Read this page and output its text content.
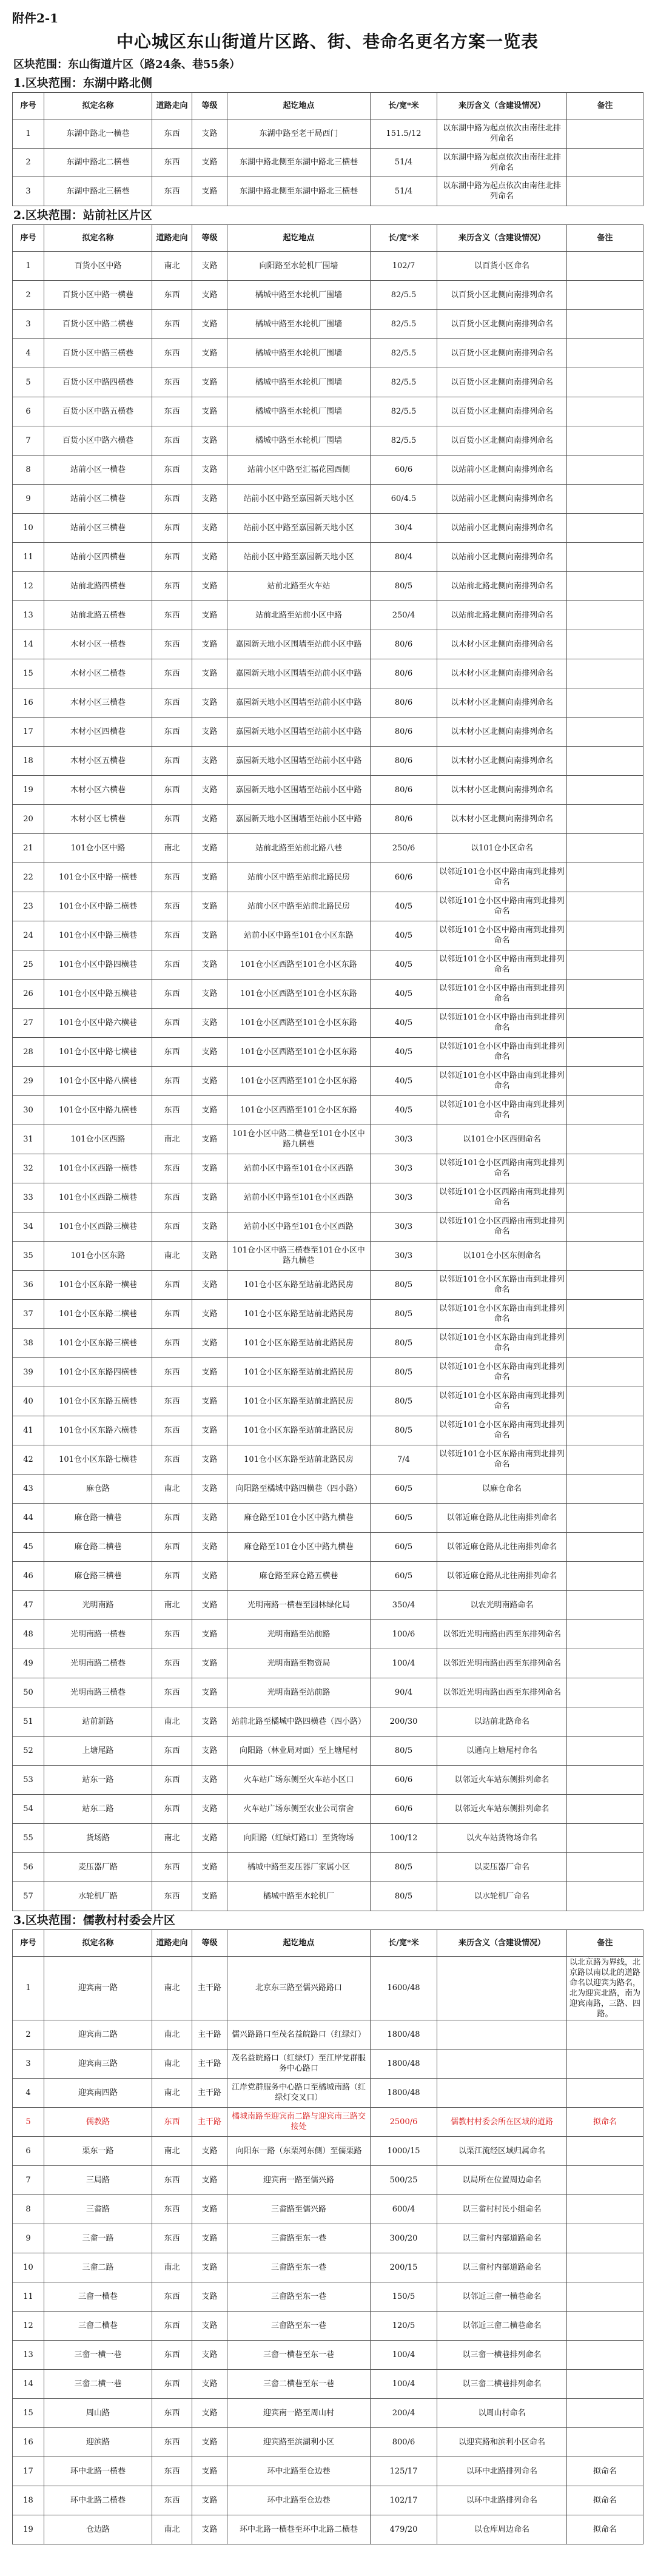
附件2-1
中心城区东山街道片区路、街、巷命名更名方案一览表
区块范围：东山街道片区（路24条、巷55条）
1.区块范围：东湖中路北侧
序号	拟定名称	道路走向	等级	起讫地点	长/宽*米	来历含义（含建设情况）	备注
1	东湖中路北一横巷	东西	支路	东湖中路至老干局西门	151.5/12	以东湖中路为起点依次由南往北排列命名	
2	东湖中路北二横巷	东西	支路	东湖中路北侧至东湖中路北三横巷	51/4	以东湖中路为起点依次由南往北排列命名	
3	东湖中路北三横巷	东西	支路	东湖中路北侧至东湖中路北三横巷	51/4	以东湖中路为起点依次由南往北排列命名	
2.区块范围：站前社区片区
序号	拟定名称	道路走向	等级	起讫地点	长/宽*米	来历含义（含建设情况）	备注
1	百货小区中路	南北	支路	向阳路至水轮机厂围墙	102/7	以百货小区命名	
2	百货小区中路一横巷	东西	支路	橘城中路至水轮机厂围墙	82/5.5	以百货小区北侧向南排列命名	
3	百货小区中路二横巷	东西	支路	橘城中路至水轮机厂围墙	82/5.5	以百货小区北侧向南排列命名	
4	百货小区中路三横巷	东西	支路	橘城中路至水轮机厂围墙	82/5.5	以百货小区北侧向南排列命名	
5	百货小区中路四横巷	东西	支路	橘城中路至水轮机厂围墙	82/5.5	以百货小区北侧向南排列命名	
6	百货小区中路五横巷	东西	支路	橘城中路至水轮机厂围墙	82/5.5	以百货小区北侧向南排列命名	
7	百货小区中路六横巷	东西	支路	橘城中路至水轮机厂围墙	82/5.5	以百货小区北侧向南排列命名	
8	站前小区一横巷	东西	支路	站前小区中路至汇福花园西侧	60/6	以站前小区北侧向南排列命名	
9	站前小区二横巷	东西	支路	站前小区中路至嘉园新天地小区	60/4.5	以站前小区北侧向南排列命名	
10	站前小区三横巷	东西	支路	站前小区中路至嘉园新天地小区	30/4	以站前小区北侧向南排列命名	
11	站前小区四横巷	东西	支路	站前小区中路至嘉园新天地小区	80/4	以站前小区北侧向南排列命名	
12	站前北路四横巷	东西	支路	站前北路至火车站	80/5	以站前北路北侧向南排列命名	
13	站前北路五横巷	东西	支路	站前北路至站前小区中路	250/4	以站前北路北侧向南排列命名	
14	木材小区一横巷	东西	支路	嘉园新天地小区围墙至站前小区中路	80/6	以木材小区北侧向南排列命名	
15	木材小区二横巷	东西	支路	嘉园新天地小区围墙至站前小区中路	80/6	以木材小区北侧向南排列命名	
16	木材小区三横巷	东西	支路	嘉园新天地小区围墙至站前小区中路	80/6	以木材小区北侧向南排列命名	
17	木材小区四横巷	东西	支路	嘉园新天地小区围墙至站前小区中路	80/6	以木材小区北侧向南排列命名	
18	木材小区五横巷	东西	支路	嘉园新天地小区围墙至站前小区中路	80/6	以木材小区北侧向南排列命名	
19	木材小区六横巷	东西	支路	嘉园新天地小区围墙至站前小区中路	80/6	以木材小区北侧向南排列命名	
20	木材小区七横巷	东西	支路	嘉园新天地小区围墙至站前小区中路	80/6	以木材小区北侧向南排列命名	
21	101仓小区中路	南北	支路	站前北路至站前北路八巷	250/6	以101仓小区命名	
22	101仓小区中路一横巷	东西	支路	站前小区中路至站前北路民房	60/6	以邻近101仓小区中路由南到北排列命名	
23	101仓小区中路二横巷	东西	支路	站前小区中路至站前北路民房	40/5	以邻近101仓小区中路由南到北排列命名	
24	101仓小区中路三横巷	东西	支路	站前小区中路至101仓小区东路	40/5	以邻近101仓小区中路由南到北排列命名	
25	101仓小区中路四横巷	东西	支路	101仓小区西路至101仓小区东路	40/5	以邻近101仓小区中路由南到北排列命名	
26	101仓小区中路五横巷	东西	支路	101仓小区西路至101仓小区东路	40/5	以邻近101仓小区中路由南到北排列命名	
27	101仓小区中路六横巷	东西	支路	101仓小区西路至101仓小区东路	40/5	以邻近101仓小区中路由南到北排列命名	
28	101仓小区中路七横巷	东西	支路	101仓小区西路至101仓小区东路	40/5	以邻近101仓小区中路由南到北排列命名	
29	101仓小区中路八横巷	东西	支路	101仓小区西路至101仓小区东路	40/5	以邻近101仓小区中路由南到北排列命名	
30	101仓小区中路九横巷	东西	支路	101仓小区西路至101仓小区东路	40/5	以邻近101仓小区中路由南到北排列命名	
31	101仓小区西路	南北	支路	101仓小区中路二横巷至101仓小区中路九横巷	30/3	以101仓小区西侧命名	
32	101仓小区西路一横巷	东西	支路	站前小区中路至101仓小区西路	30/3	以邻近101仓小区西路由南到北排列命名	
33	101仓小区西路二横巷	东西	支路	站前小区中路至101仓小区西路	30/3	以邻近101仓小区西路由南到北排列命名	
34	101仓小区西路三横巷	东西	支路	站前小区中路至101仓小区西路	30/3	以邻近101仓小区西路由南到北排列命名	
35	101仓小区东路	南北	支路	101仓小区中路三横巷至101仓小区中路九横巷	30/3	以101仓小区东侧命名	
36	101仓小区东路一横巷	东西	支路	101仓小区东路至站前北路民房	80/5	以邻近101仓小区东路由南到北排列命名	
37	101仓小区东路二横巷	东西	支路	101仓小区东路至站前北路民房	80/5	以邻近101仓小区东路由南到北排列命名	
38	101仓小区东路三横巷	东西	支路	101仓小区东路至站前北路民房	80/5	以邻近101仓小区东路由南到北排列命名	
39	101仓小区东路四横巷	东西	支路	101仓小区东路至站前北路民房	80/5	以邻近101仓小区东路由南到北排列命名	
40	101仓小区东路五横巷	东西	支路	101仓小区东路至站前北路民房	80/5	以邻近101仓小区东路由南到北排列命名	
41	101仓小区东路六横巷	东西	支路	101仓小区东路至站前北路民房	80/5	以邻近101仓小区东路由南到北排列命名	
42	101仓小区东路七横巷	东西	支路	101仓小区东路至站前北路民房	7/4	以邻近101仓小区东路由南到北排列命名	
43	麻仓路	南北	支路	向阳路至橘城中路四横巷（四小路）	60/5	以麻仓命名	
44	麻仓路一横巷	东西	支路	麻仓路至101仓小区中路九横巷	60/5	以邻近麻仓路从北往南排列命名	
45	麻仓路二横巷	东西	支路	麻仓路至101仓小区中路九横巷	60/5	以邻近麻仓路从北往南排列命名	
46	麻仓路三横巷	东西	支路	麻仓路至麻仓路五横巷	60/5	以邻近麻仓路从北往南排列命名	
47	光明南路	南北	支路	光明南路一横巷至园林绿化局	350/4	以农光明南路命名	
48	光明南路一横巷	东西	支路	光明南路至站前路	100/6	以邻近光明南路由西至东排列命名	
49	光明南路二横巷	东西	支路	光明南路至物资局	100/4	以邻近光明南路由西至东排列命名	
50	光明南路三横巷	东西	支路	光明南路至站前路	90/4	以邻近光明南路由西至东排列命名	
51	站前新路	南北	支路	站前北路至橘城中路四横巷（四小路）	200/30	以站前北路命名	
52	上塘尾路	东西	支路	向阳路（林业局对面）至上塘尾村	80/5	以通向上塘尾村命名	
53	站东一路	东西	支路	火车站广场东侧至火车站小区口	60/6	以邻近火车站东侧排列命名	
54	站东二路	东西	支路	火车站广场东侧至农业公司宿舍	60/6	以邻近火车站东侧排列命名	
55	货场路	南北	支路	向阳路（红绿灯路口）至货物场	100/12	以火车站货物场命名	
56	麦压器厂路	东西	支路	橘城中路至麦压器厂家属小区	80/5	以麦压器厂命名	
57	水轮机厂路	东西	支路	橘城中路至水轮机厂	80/5	以水轮机厂命名	
3.区块范围：儒教村村委会片区
序号	拟定名称	道路走向	等级	起讫地点	长/宽*米	来历含义（含建设情况）	备注
1	迎宾南一路	南北	主干路	北京东三路至儒兴路路口	1600/48		以北京路为界线，北京路以南以北的道路命名以迎宾为路名，北为迎宾北路，南为迎宾南路，三路、四路。
2	迎宾南二路	南北	主干路	儒兴路路口至茂名益皖路口（红绿灯）	1800/48		
3	迎宾南三路	南北	主干路	茂名益皖路口（红绿灯）至江岸党群服务中心路口	1800/48		
4	迎宾南四路	南北	主干路	江岸党群服务中心路口至橘城南路（红绿灯交叉口）	1800/48		
5	儒教路	东西	主干路	橘城南路至迎宾南二路与迎宾南三路交接处	2500/6	儒教村村委会所在区域的道路	拟命名
6	栗东一路	南北	支路	向阳东一路（东栗河东侧）至儒栗路	1000/15	以栗江流经区域归属命名	
7	三局路	东西	支路	迎宾南一路至儒兴路	500/25	以局所在位置周边命名	
8	三畲路	东西	支路	三畲路至儒兴路	600/4	以三畲村村民小组命名	
9	三畲一路	东西	支路	三畲路至东一巷	300/20	以三畲村内部道路命名	
10	三畲二路	南北	支路	三畲路至东一巷	200/15	以三畲村内部道路命名	
11	三畲一横巷	东西	支路	三畲路至东一巷	150/5	以邻近三畲一横巷命名	
12	三畲二横巷	东西	支路	三畲路至东一巷	120/5	以邻近三畲二横巷命名	
13	三畲一横一巷	东西	支路	三畲一横巷至东一巷	100/4	以三畲一横巷排列命名	
14	三畲二横一巷	东西	支路	三畲二横巷至东一巷	100/4	以三畲二横巷排列命名	
15	周山路	东西	支路	迎宾南一路至周山村	200/4	以周山村命名	
16	迎滨路	东西	支路	迎宾路至滨湖利小区	800/6	以迎宾路和滨利小区命名	
17	环中北路一横巷	东西	支路	环中北路至仓边巷	125/17	以环中北路排列命名	拟命名
18	环中北路二横巷	东西	支路	环中北路至仓边巷	102/17	以环中北路排列命名	拟命名
19	仓边路	南北	支路	环中北路一横巷至环中北路二横巷	479/20	以仓库周边命名	拟命名
